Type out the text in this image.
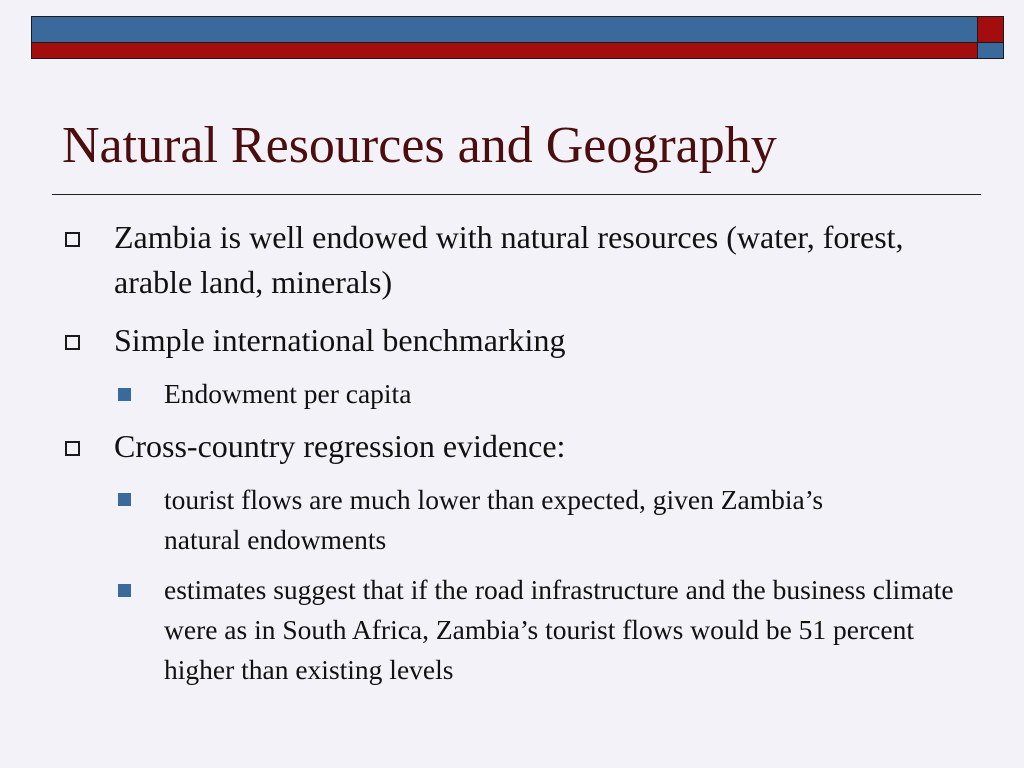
Natural Resources and Geography
Zambia is well endowed with natural resources (water, forest, arable land, minerals)
Simple international benchmarking
Endowment per capita
Cross-country regression evidence:
tourist flows are much lower than expected, given Zambia’s natural endowments
estimates suggest that if the road infrastructure and the business climate were as in South Africa, Zambia’s tourist flows would be 51 percent higher than existing levels
